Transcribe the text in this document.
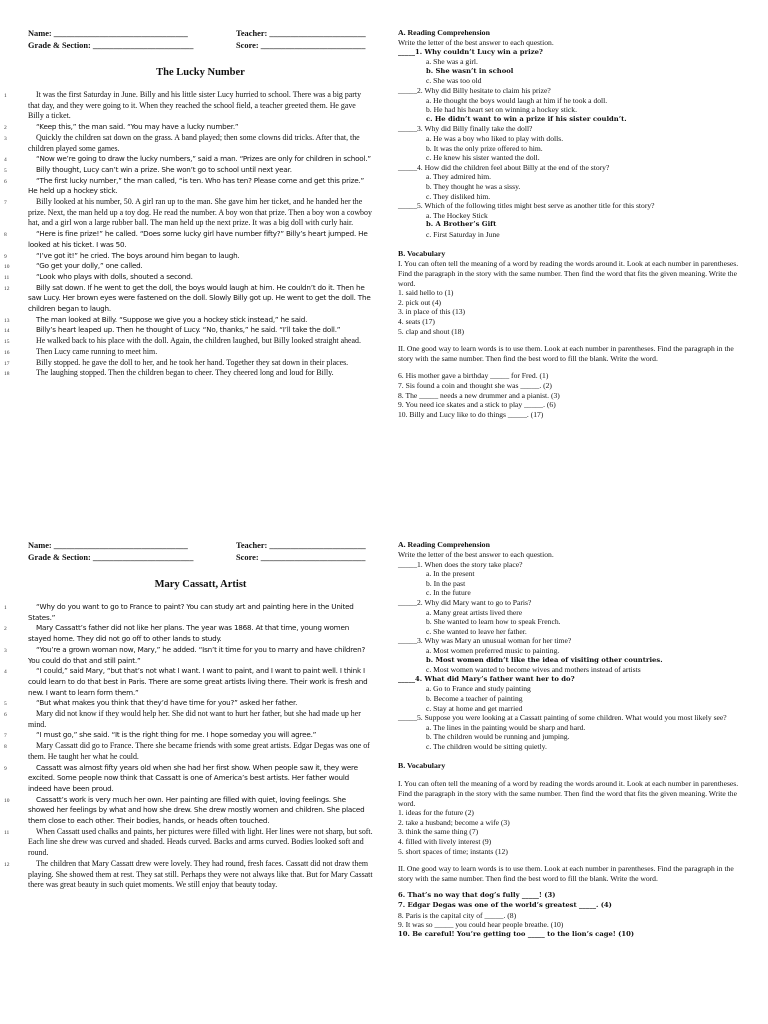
Name: ________________________________	Teacher: _______________________
Grade & Section: ________________________	Score: _________________________
The Lucky Number

1	It was the first Saturday in June. Billy and his little sister Lucy hurried to school. There was a big party that day, and they were going to it. When they reached the school field, a teacher greeted them. He gave Billy a ticket.

2	“Keep this,” the man said. “You may have a lucky number.”

3	Quickly the children sat down on the grass. A band played; then some clowns did tricks. After that, the children played some games.

4	“Now we’re going to draw the lucky numbers,” said a man. “Prizes are only for children in school.”

5	Billy thought, Lucy can’t win a prize. She won’t go to school until next year.

6	“The first lucky number,” the man called, “is ten. Who has ten? Please come and get this prize.” He held up a hockey stick.

7	Billy looked at his number, 50. A girl ran up to the man. She gave him her ticket, and he handed her the prize. Next, the man held up a toy dog. He read the number. A boy won that prize. Then a boy won a cowboy hat, and a girl won a large rubber ball. The man held up the next prize. It was a big doll with curly hair.

8	“Here is fine prize!” he called. “Does some lucky girl have number fifty?” Billy’s heart jumped. He looked at his ticket. I was 50.

9	“I’ve got it!” he cried. The boys around him began to laugh.

10	“Go get your dolly,” one called.

11	“Look who plays with dolls, shouted a second.

12	Billy sat down. If he went to get the doll, the boys would laugh at him. He couldn’t do it. Then he saw Lucy. Her brown eyes were fastened on the doll. Slowly Billy got up. He went to get the doll. The children began to laugh.

13	The man looked at Billy. “Suppose we give you a hockey stick instead,” he said.

14	Billy’s heart leaped up. Then he thought of Lucy. “No, thanks,” he said. “I’ll take the doll.”

15	He walked back to his place with the doll. Again, the children laughed, but Billy looked straight ahead.

16	Then Lucy came running to meet him.

17	Billy stopped. he gave the doll to her, and he took her hand. Together they sat down in their places.

18	The laughing stopped. Then the children began to cheer. They cheered long and loud for Billy.

A. Reading Comprehension
Write the letter of the best answer to each question.
_____1. Why couldn’t Lucy win a prize?
a. She was a girl.
b. She wasn’t in school
c. She was too old
_____2. Why did Billy hesitate to claim his prize?
a. He thought the boys would laugh at him if he took a doll.
b. He had his heart set on winning a hockey stick.
c. He didn’t want to win a prize if his sister couldn’t.
_____3. Why did Billy finally take the doll?
a. He was a boy who liked to play with dolls.
b. It was the only prize offered to him.
c. He knew his sister wanted the doll.
_____4. How did the children feel about Billy at the end of the story?
a. They admired him.
b. They thought he was a sissy.
c. They disliked him.
_____5. Which of the following titles might best serve as another title for this story?
a. The Hockey Stick
b. A Brother’s Gift
c. First Saturday in June
B. Vocabulary
I. You can often tell the meaning of a word by reading the words around it. Look at each number in parentheses. Find the paragraph in the story with the same number. Then find the word that fits the given meaning. Write the word.
1. said hello to (1)
2. pick out (4)
3. in place of this (13)
4. seats (17)
5. clap and shout (18)
II. One good way to learn words is to use them. Look at each number in parentheses. Find the paragraph in the story with the same number. Then find the best word to fill the blank. Write the word.
6. His mother gave a birthday _____ for Fred. (1)
7. Sis found a coin and thought she was _____. (2)
8. The _____ needs a new drummer and a pianist. (3)
9. You need ice skates and a stick to play _____. (6)
10. Billy and Lucy like to do things _____. (17)
Name: ________________________________	Teacher: _______________________
Grade & Section: ________________________	Score: _________________________
Mary Cassatt, Artist

1	“Why do you want to go to France to paint? You can study art and painting here in the United States.”

2	Mary Cassatt’s father did not like her plans. The year was 1868. At that time, young women stayed home. They did not go off to other lands to study.

3	“You’re a grown woman now, Mary,” he added. “Isn’t it time for you to marry and have children? You could do that and still paint.”

4	“I could,” said Mary, “but that’s not what I want. I want to paint, and I want to paint well. I think I could learn to do that best in Paris. There are some great artists living there. Their work is fresh and new. I want to learn form them.”

5	“But what makes you think that they’d have time for you?” asked her father.

6	Mary did not know if they would help her. She did not want to hurt her father, but she had made up her mind.

7	“I must go,” she said. “It is the right thing for me. I hope someday you will agree.”

8	Mary Cassatt did go to France. There she became friends with some great artists. Edgar Degas was one of them. He taught her what he could.

9	Cassatt was almost fifty years old when she had her first show. When people saw it, they were excited. Some people now think that Cassatt is one of America’s best artists. Her father would indeed have been proud.

10	Cassatt’s work is very much her own. Her painting are filled with quiet, loving feelings. She showed her feelings by what and how she drew. She drew mostly women and children. She placed them close to each other. Their bodies, hands, or heads often touched.

11	When Cassatt used chalks and paints, her pictures were filled with light. Her lines were not sharp, but soft. Each line she drew was curved and shaded. Heads curved. Backs and arms curved. Bodies looked soft and round.

12	The children that Mary Cassatt drew were lovely. They had round, fresh faces. Cassatt did not draw them playing. She showed them at rest. They sat still. Perhaps they were not always like that. But for Mary Cassatt there was great beauty in such quiet moments. We still enjoy that beauty today.

A. Reading Comprehension
Write the letter of the best answer to each question.
_____1. When does the story take place?
a. In the present
b. In the past
c. In the future
_____2. Why did Mary want to go to Paris?
a. Many great artists lived there
b. She wanted to learn how to speak French.
c. She wanted to leave her father.
_____3. Why was Mary an unusual woman for her time?
a. Most women preferred music to painting.
b. Most women didn’t like the idea of visiting other countries.
c. Most women wanted to become wives and mothers instead of artists
_____4. What did Mary’s father want her to do?
a. Go to France and study painting
b. Become a teacher of painting
c. Stay at home and get married
_____5. Suppose you were looking at a Cassatt painting of some children. What would you most likely see?
a. The lines in the painting would be sharp and hard.
b. The children would be running and jumping.
c. The children would be sitting quietly.
B. Vocabulary
I. You can often tell the meaning of a word by reading the words around it. Look at each number in parentheses. Find the paragraph in the story with the same number. Then find the word that fits the given meaning. Write the word.
1. ideas for the future (2)
2. take a husband; become a wife (3)
3. think the same thing (7)
4. filled with lively interest (9)
5. short spaces of time; instants (12)
II. One good way to learn words is to use them. Look at each number in parentheses. Find the paragraph in the story with the same number. Then find the best word to fill the blank. Write the word.
6. That’s no way that dog’s fully _____! (3)
7. Edgar Degas was one of the world’s greatest _____. (4)
8. Paris is the capital city of _____. (8)
9. It was so _____ you could hear people breathe. (10)
10. Be careful! You’re getting too _____ to the lion’s cage! (10)
